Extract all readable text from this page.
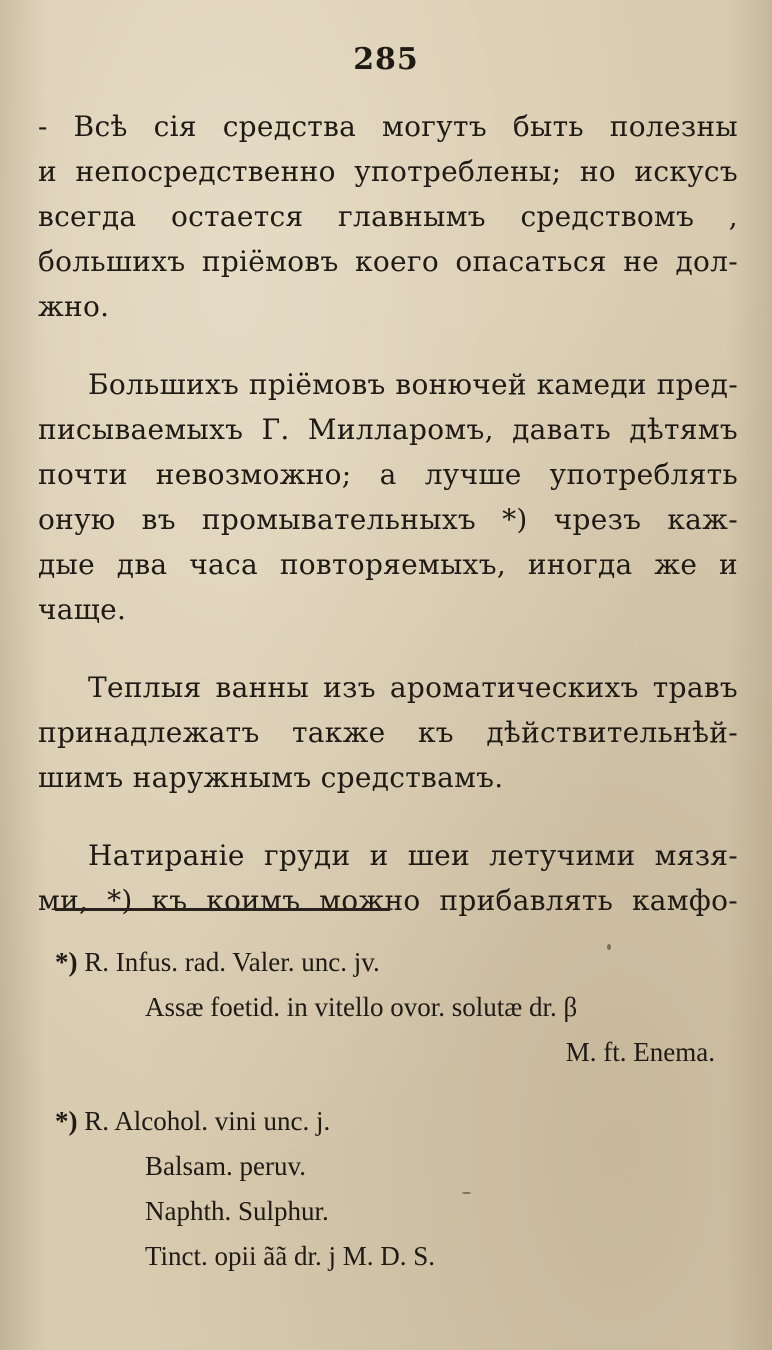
285
- Всѣ сія средства могутъ быть полезны
и непосредственно употреблены; но искусъ
всегда остается главнымъ средствомъ ,
большихъ пріёмовъ коего опасаться не дол-
жно.
Большихъ пріёмовъ вонючей камеди пред-
писываемыхъ Г. Милларомъ, давать дѣтямъ
почти невозможно; а лучше употреблять
оную въ промывательныхъ *) чрезъ каж-
дые два часа повторяемыхъ, иногда же и
чаще.
Теплыя ванны изъ ароматическихъ травъ
принадлежатъ также къ дѣйствительнѣй-
шимъ наружнымъ средствамъ.
Натираніе груди и шеи летучими мязя-
ми, *) къ коимъ можно прибавлять камфо-
*) R. Infus. rad. Valer. unc. jv.
Assæ foetid. in vitello ovor. solutæ dr. β
M. ft. Enema.
*) R. Alcohol. vini unc. j.
Balsam. peruv.
Naphth. Sulphur.
Tinct. opii ãã dr. j M. D. S.
